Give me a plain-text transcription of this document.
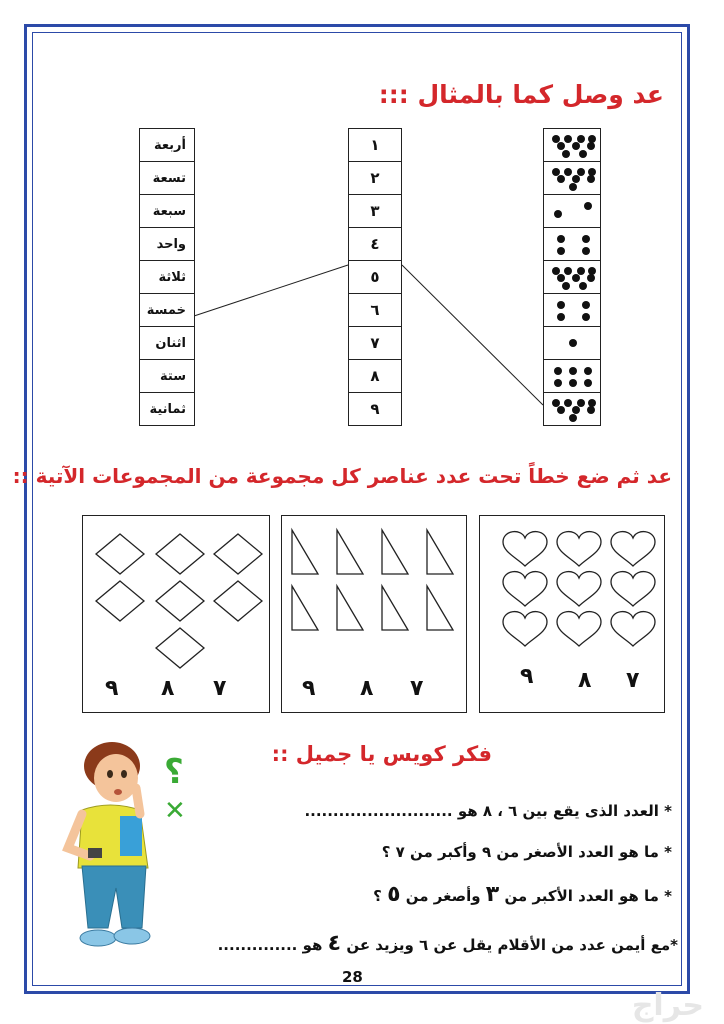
عد وصل كما بالمثال :::
أربعة
تسعة
سبعة
واحد
ثلاثة
خمسة
اثنان
ستة
ثمانية
١
٢
٣
٤
٥
٦
٧
٨
٩
عد ثم ضع خطاً تحت عدد عناصر كل مجموعة من المجموعات الآتية ::
٩ ٨ ٧	٩ ٨ ٧	٩ ٨ ٧
فكر كويس يا جميل ::
؟
✕	* العدد الذى يقع بين ٦ ، ٨ هو ..........................
* ما هو العدد الأصغر من ٩ وأكبر من ٧ ؟
* ما هو العدد الأكبر من ٣ وأصغر من ٥ ؟
*مع أيمن عدد من الأقلام يقل عن ٦ ويزيد عن ٤ هو ..............
28
حراج
